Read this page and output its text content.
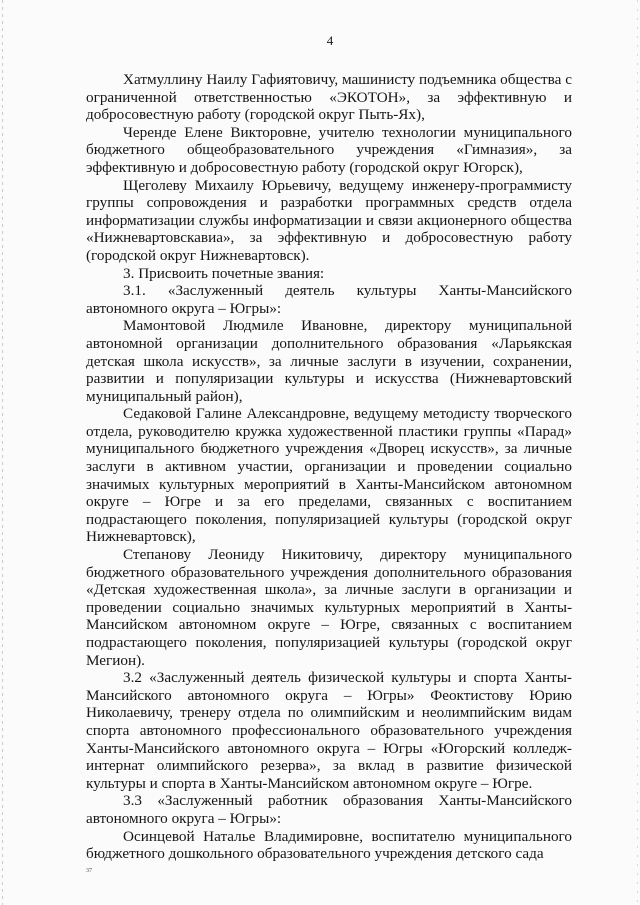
4

Хатмуллину Наилу Гафиятовичу, машинисту подъемника общества с ограниченной ответственностью «ЭКОТОН», за эффективную и добросовестную работу (городской округ Пыть-Ях),

Черенде Елене Викторовне, учителю технологии муниципального бюджетного общеобразовательного учреждения «Гимназия», за эффективную и добросовестную работу (городской округ Югорск),

Щеголеву Михаилу Юрьевичу, ведущему инженеру-программисту группы сопровождения и разработки программных средств отдела информатизации службы информатизации и связи акционерного общества «Нижневартовскавиа», за эффективную и добросовестную работу (городской округ Нижневартовск).

3. Присвоить почетные звания:

3.1. «Заслуженный деятель культуры Ханты-Мансийского автономного округа – Югры»:

Мамонтовой Людмиле Ивановне, директору муниципальной автономной организации дополнительного образования «Ларьякская детская школа искусств», за личные заслуги в изучении, сохранении, развитии и популяризации культуры и искусства (Нижневартовский муниципальный район),

Седаковой Галине Александровне, ведущему методисту творческого отдела, руководителю кружка художественной пластики группы «Парад» муниципального бюджетного учреждения «Дворец искусств», за личные заслуги в активном участии, организации и проведении социально значимых культурных мероприятий в Ханты-Мансийском автономном округе – Югре и за его пределами, связанных с воспитанием подрастающего поколения, популяризацией культуры (городской округ Нижневартовск),

Степанову Леониду Никитовичу, директору муниципального бюджетного образовательного учреждения дополнительного образования «Детская художественная школа», за личные заслуги в организации и проведении социально значимых культурных мероприятий в Ханты-Мансийском автономном округе – Югре, связанных с воспитанием подрастающего поколения, популяризацией культуры (городской округ Мегион).

3.2 «Заслуженный деятель физической культуры и спорта Ханты-Мансийского автономного округа – Югры» Феоктистову Юрию Николаевичу, тренеру отдела по олимпийским и неолимпийским видам спорта автономного профессионального образовательного учреждения Ханты-Мансийского автономного округа – Югры «Югорский колледж-интернат олимпийского резерва», за вклад в развитие физической культуры и спорта в Ханты-Мансийском автономном округе – Югре.

3.3 «Заслуженный работник образования Ханты-Мансийского автономного округа – Югры»:

Осинцевой Наталье Владимировне, воспитателю муниципального бюджетного дошкольного образовательного учреждения детского сада

37
